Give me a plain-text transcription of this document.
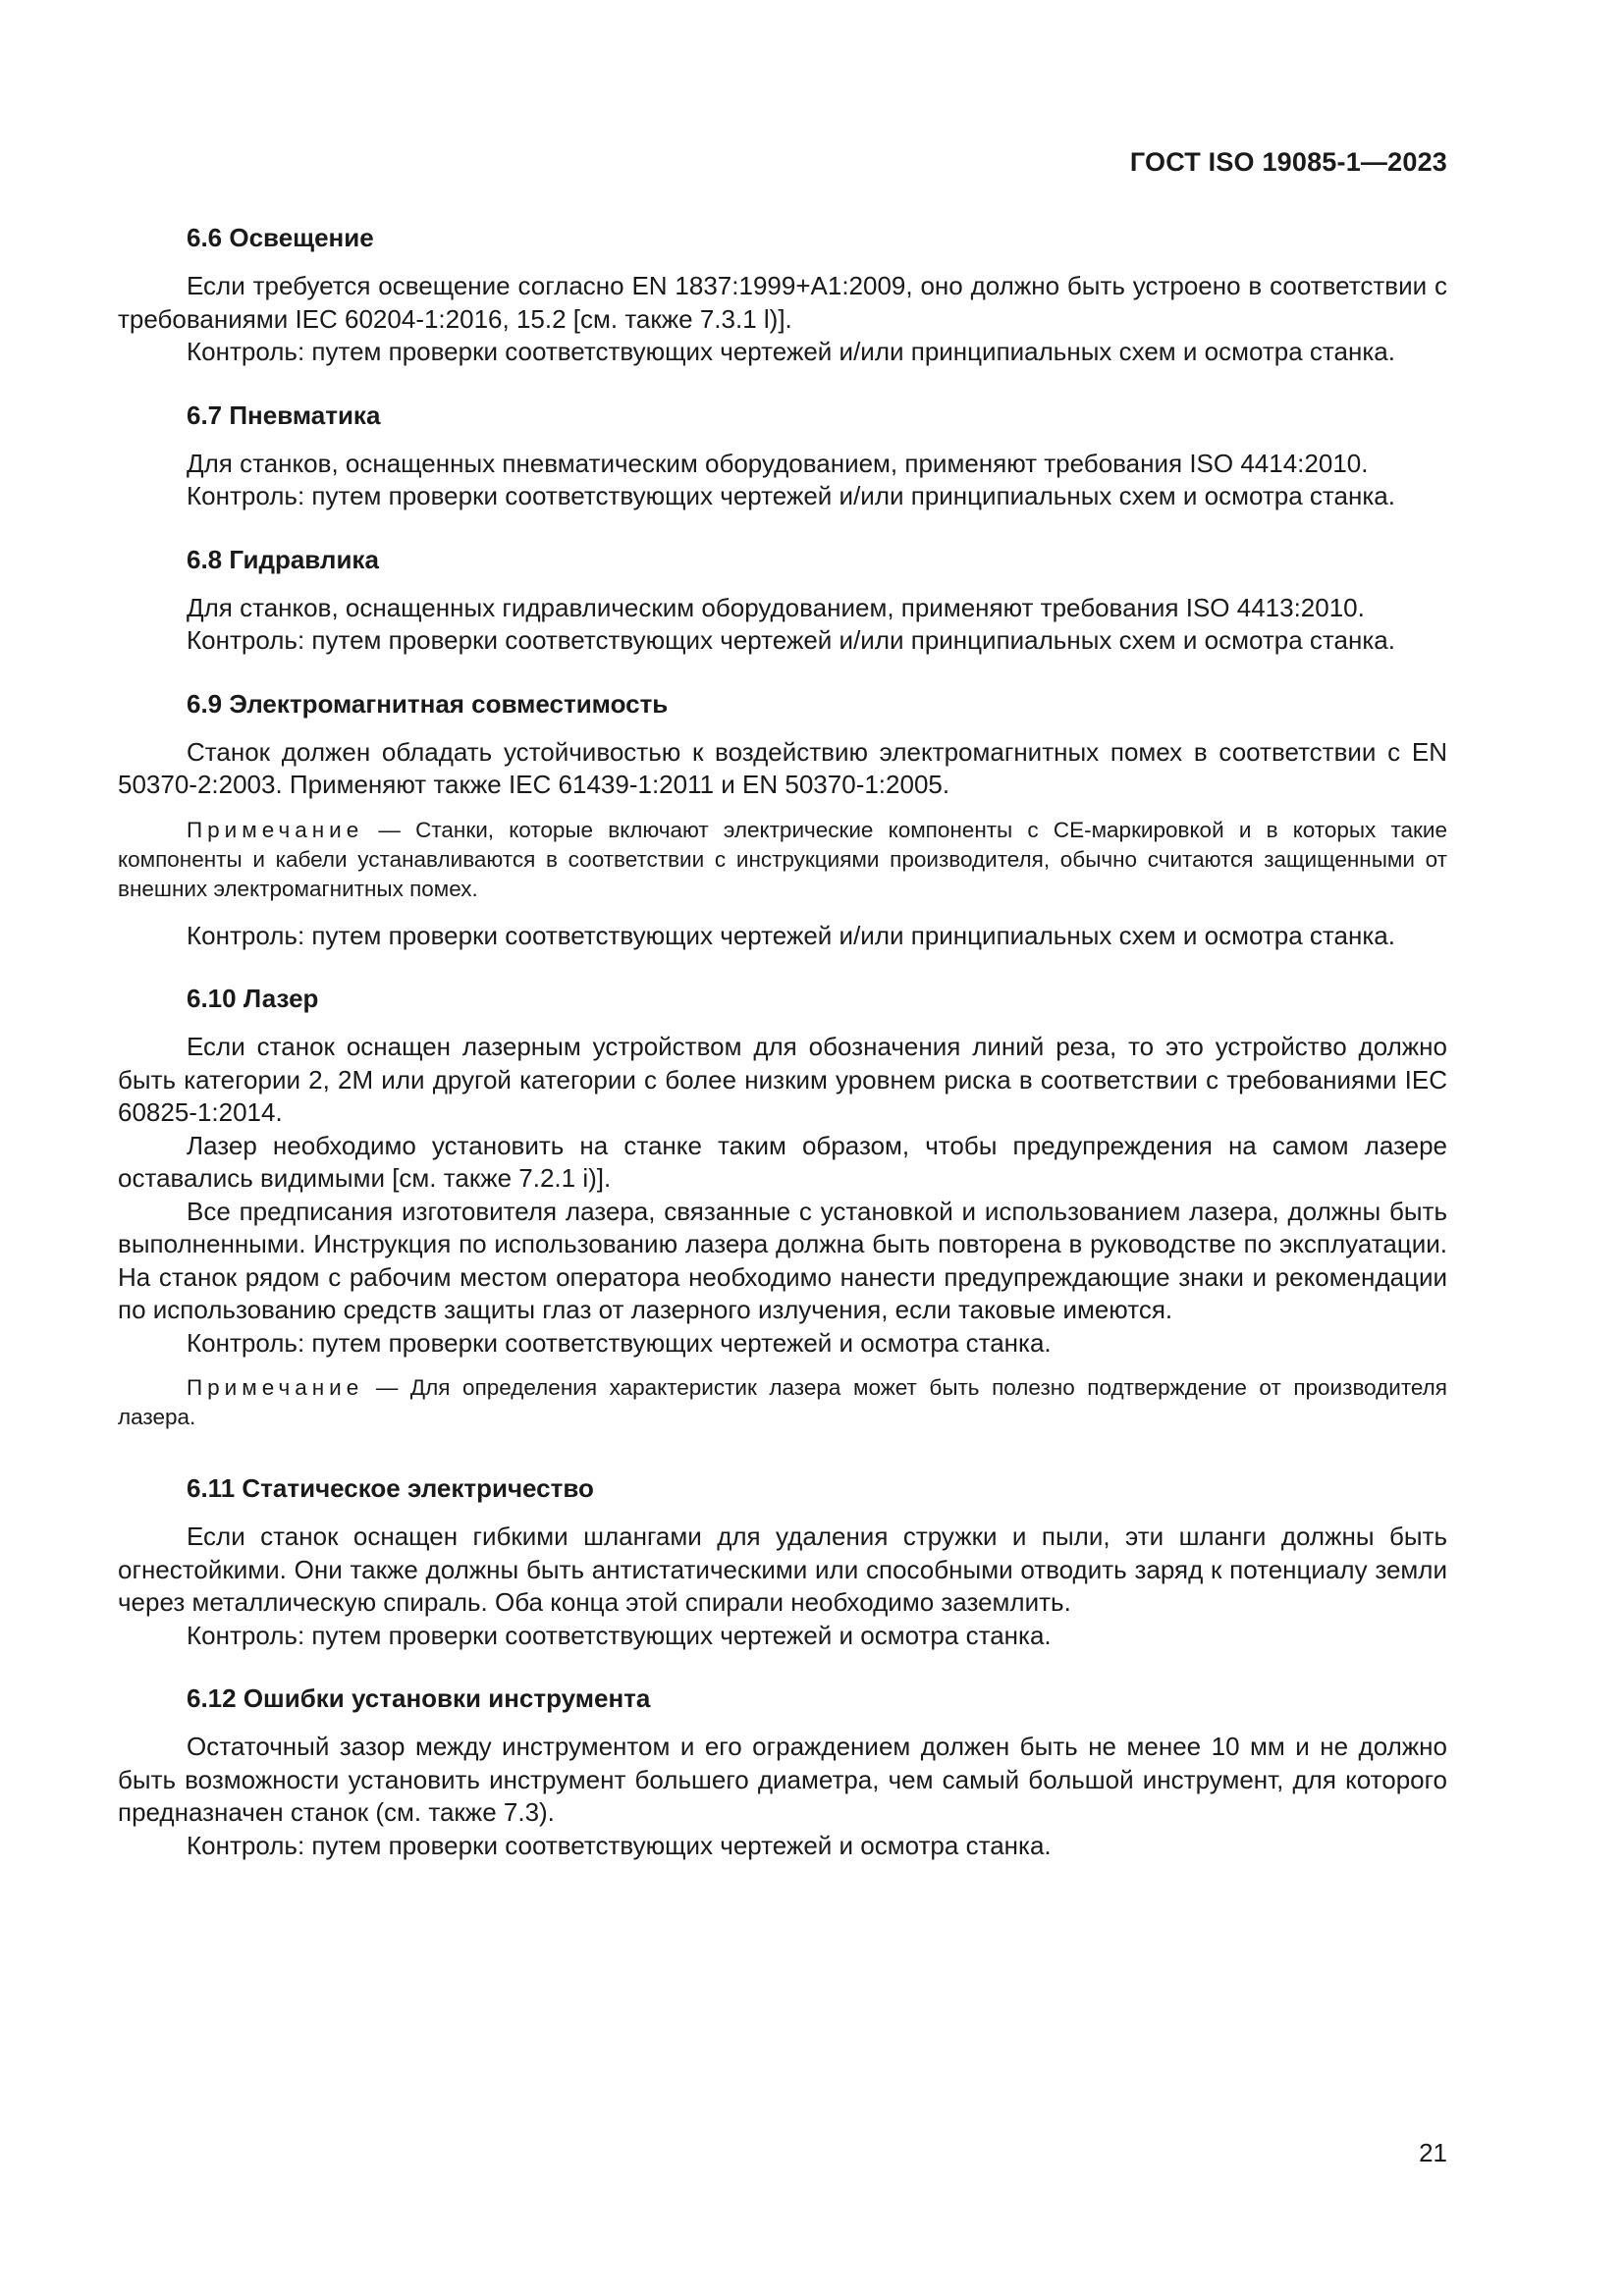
ГОСТ ISO 19085-1—2023
6.6 Освещение

Если требуется освещение согласно EN 1837:1999+A1:2009, оно должно быть устроено в соответствии с требованиями IEC 60204-1:2016, 15.2 [см. также 7.3.1 l)].

Контроль: путем проверки соответствующих чертежей и/или принципиальных схем и осмотра станка.

6.7 Пневматика

Для станков, оснащенных пневматическим оборудованием, применяют требования ISO 4414:2010.

Контроль: путем проверки соответствующих чертежей и/или принципиальных схем и осмотра станка.

6.8 Гидравлика

Для станков, оснащенных гидравлическим оборудованием, применяют требования ISO 4413:2010.

Контроль: путем проверки соответствующих чертежей и/или принципиальных схем и осмотра станка.

6.9 Электромагнитная совместимость

Станок должен обладать устойчивостью к воздействию электромагнитных помех в соответствии с EN 50370-2:2003. Применяют также IEC 61439-1:2011 и EN 50370-1:2005.

Примечание — Станки, которые включают электрические компоненты с CE-маркировкой и в которых такие компоненты и кабели устанавливаются в соответствии с инструкциями производителя, обычно считаются защищенными от внешних электромагнитных помех.

Контроль: путем проверки соответствующих чертежей и/или принципиальных схем и осмотра станка.

6.10 Лазер

Если станок оснащен лазерным устройством для обозначения линий реза, то это устройство должно быть категории 2, 2M или другой категории с более низким уровнем риска в соответствии с требованиями IEC 60825-1:2014.

Лазер необходимо установить на станке таким образом, чтобы предупреждения на самом лазере оставались видимыми [см. также 7.2.1 i)].

Все предписания изготовителя лазера, связанные с установкой и использованием лазера, должны быть выполненными. Инструкция по использованию лазера должна быть повторена в руководстве по эксплуатации. На станок рядом с рабочим местом оператора необходимо нанести предупреждающие знаки и рекомендации по использованию средств защиты глаз от лазерного излучения, если таковые имеются.

Контроль: путем проверки соответствующих чертежей и осмотра станка.

Примечание — Для определения характеристик лазера может быть полезно подтверждение от производителя лазера.

6.11 Статическое электричество

Если станок оснащен гибкими шлангами для удаления стружки и пыли, эти шланги должны быть огнестойкими. Они также должны быть антистатическими или способными отводить заряд к потенциалу земли через металлическую спираль. Оба конца этой спирали необходимо заземлить.

Контроль: путем проверки соответствующих чертежей и осмотра станка.

6.12 Ошибки установки инструмента

Остаточный зазор между инструментом и его ограждением должен быть не менее 10 мм и не должно быть возможности установить инструмент большего диаметра, чем самый большой инструмент, для которого предназначен станок (см. также 7.3).

Контроль: путем проверки соответствующих чертежей и осмотра станка.

21
